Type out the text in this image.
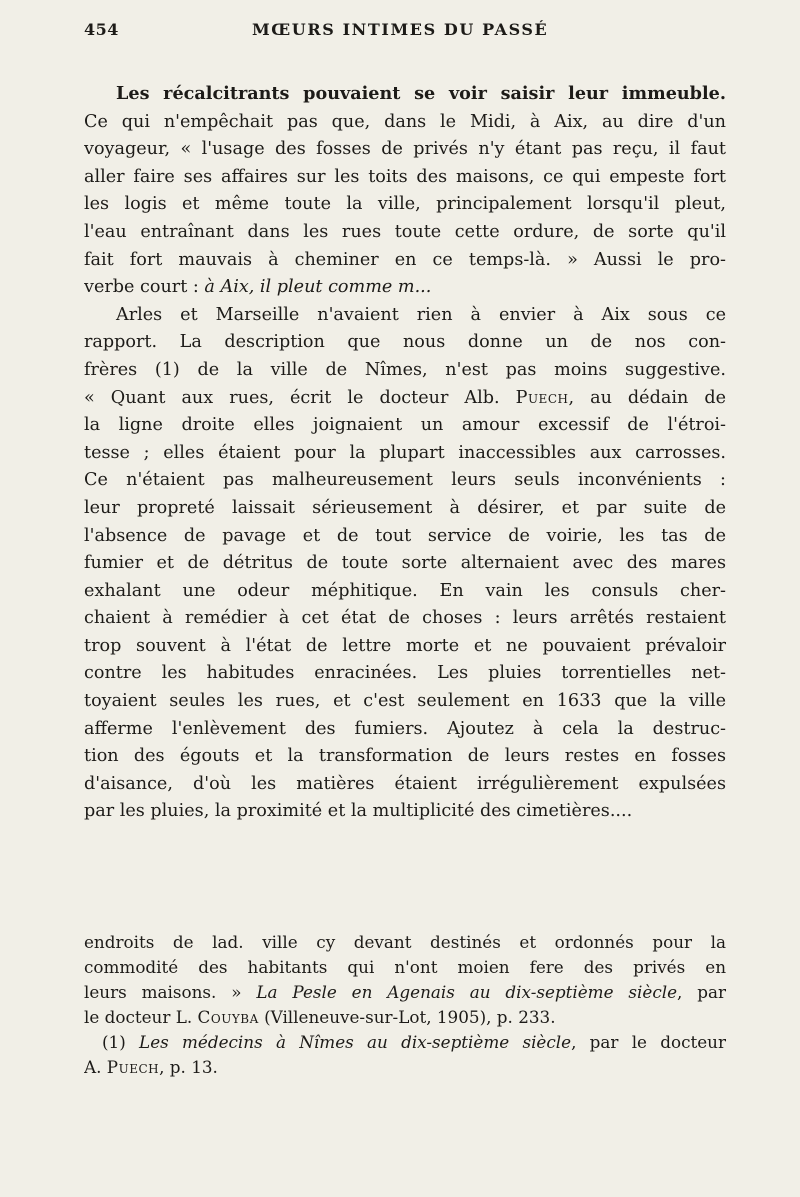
454	MŒURS INTIMES DU PASSÉ
Les récalcitrants pouvaient se voir saisir leur immeuble.
Ce qui n'empêchait pas que, dans le Midi, à Aix, au dire d'un
voyageur, « l'usage des fosses de privés n'y étant pas reçu, il faut
aller faire ses affaires sur les toits des maisons, ce qui empeste fort
les logis et même toute la ville, principalement lorsqu'il pleut,
l'eau entraînant dans les rues toute cette ordure, de sorte qu'il
fait fort mauvais à cheminer en ce temps-là. » Aussi le pro-
verbe court : à Aix, il pleut comme m...
Arles et Marseille n'avaient rien à envier à Aix sous ce
rapport. La description que nous donne un de nos con-
frères (1) de la ville de Nîmes, n'est pas moins suggestive.
« Quant aux rues, écrit le docteur Alb. Puech, au dédain de
la ligne droite elles joignaient un amour excessif de l'étroi-
tesse ; elles étaient pour la plupart inaccessibles aux carrosses.
Ce n'étaient pas malheureusement leurs seuls inconvénients :
leur propreté laissait sérieusement à désirer, et par suite de
l'absence de pavage et de tout service de voirie, les tas de
fumier et de détritus de toute sorte alternaient avec des mares
exhalant une odeur méphitique. En vain les consuls cher-
chaient à remédier à cet état de choses : leurs arrêtés restaient
trop souvent à l'état de lettre morte et ne pouvaient prévaloir
contre les habitudes enracinées. Les pluies torrentielles net-
toyaient seules les rues, et c'est seulement en 1633 que la ville
afferme l'enlèvement des fumiers. Ajoutez à cela la destruc-
tion des égouts et la transformation de leurs restes en fosses
d'aisance, d'où les matières étaient irrégulièrement expulsées
par les pluies, la proximité et la multiplicité des cimetières....
endroits de lad. ville cy devant destinés et ordonnés pour la
commodité des habitants qui n'ont moien fere des privés en
leurs maisons. » La Pesle en Agenais au dix-septième siècle, par
le docteur L. Couyba (Villeneuve-sur-Lot, 1905), p. 233.
(1) Les médecins à Nîmes au dix-septième siècle, par le docteur
A. Puech, p. 13.
